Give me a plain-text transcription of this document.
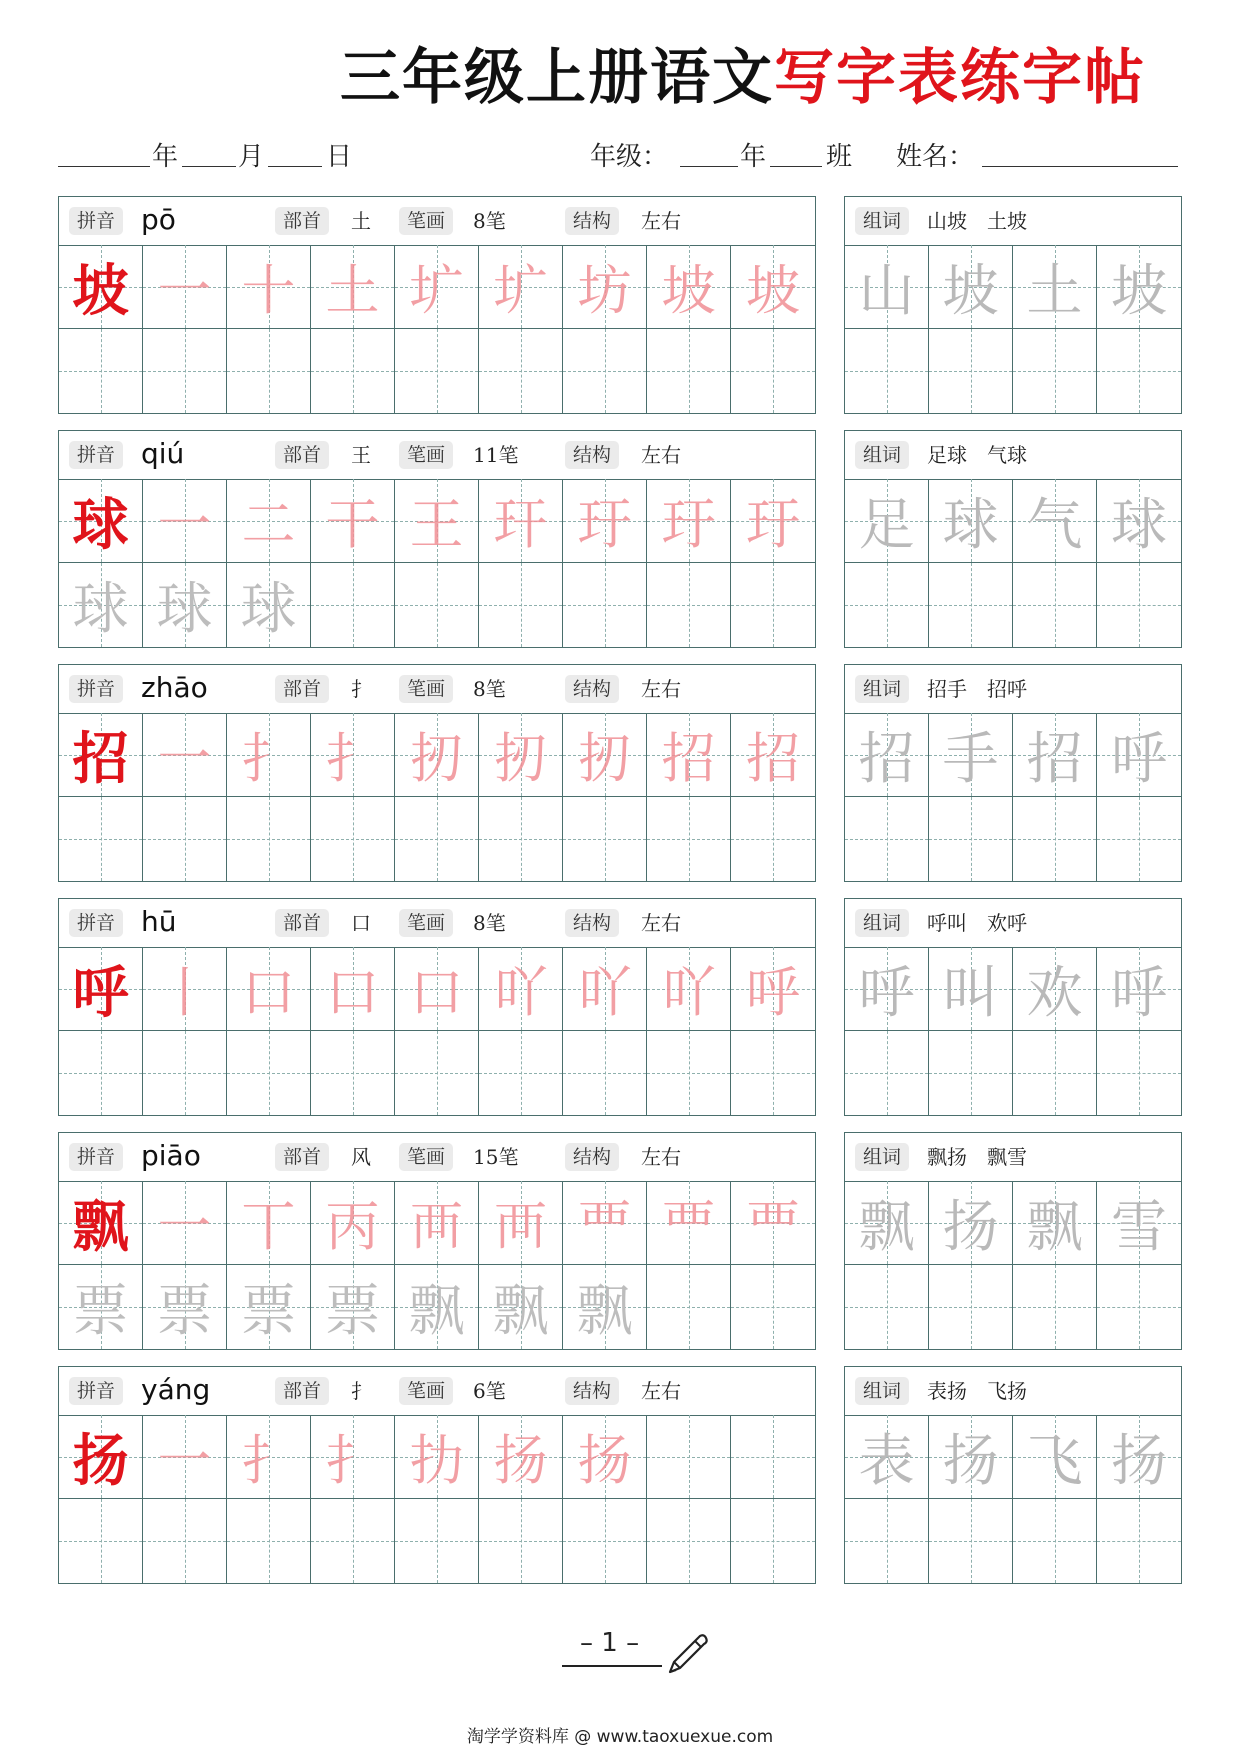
三年级上册语文写字表练字帖
年 月 日	年级：	年 班 姓名：
拼音 pō	部首	土	笔画	8笔	结构	左右
坡 一 十 土 圹 圹 坊 坡 坡
组词	山坡　土坡
山 坡 土 坡
拼音 qiú	部首	王	笔画	11笔	结构	左右
球 一 二 干 王 玕 玗 玗 玗
球 球 球
组词	足球　气球
足 球 气 球
拼音 zhāo	部首	扌	笔画	8笔	结构	左右
招 一 扌 扌 扨 扨 扨 招 招
组词	招手　招呼
招 手 招 呼
拼音 hū	部首	口	笔画	8笔	结构	左右
呼 丨 口 口 口 吖 吖 吖 呼
组词	呼叫　欢呼
呼 叫 欢 呼
拼音 piāo	部首	风	笔画	15笔	结构	左右
飘 一 丅 丙 襾 襾 覀 覀 覀
票 票 票 票 飘 飘 飘
组词	飘扬　飘雪
飘 扬 飘 雪
拼音 yáng	部首	扌	笔画	6笔	结构	左右
扬 一 扌 扌 扐 扬 扬
组词	表扬　飞扬
表 扬 飞 扬
– 1 –
淘学学资料库 @ www.taoxuexue.com
